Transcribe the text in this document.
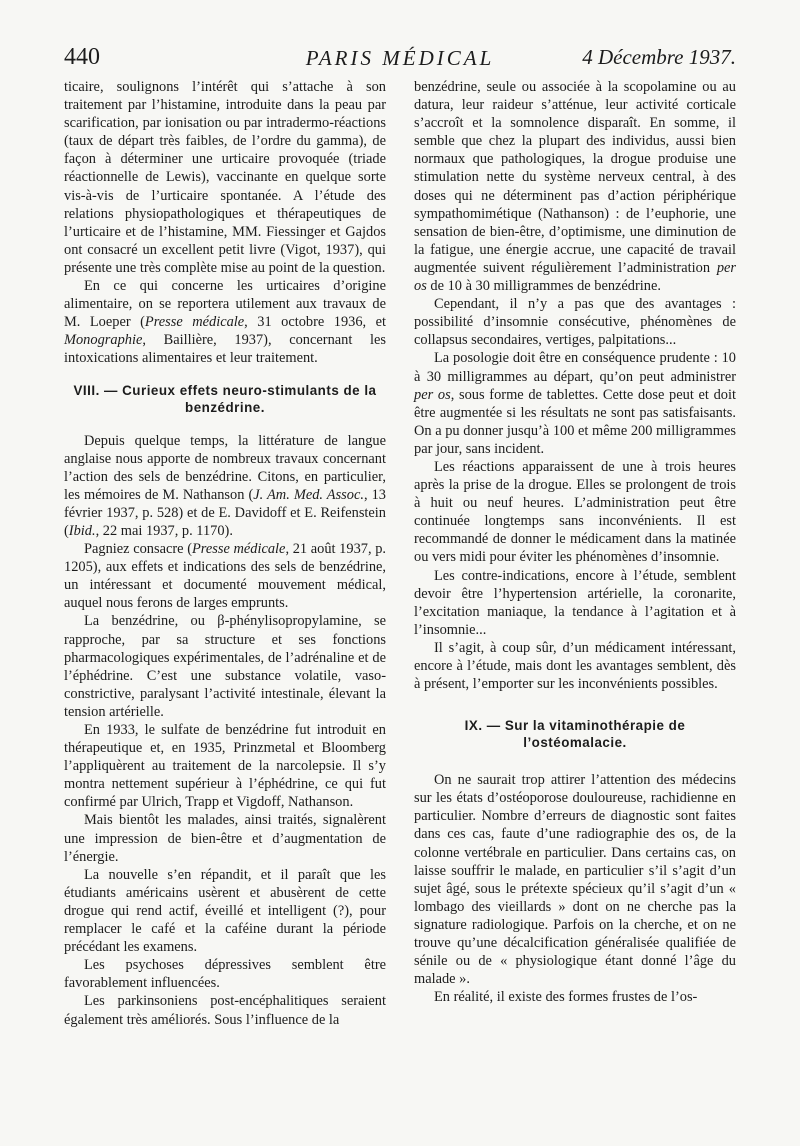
440	PARIS MÉDICAL	4 Décembre 1937.

ticaire, soulignons l’intérêt qui s’attache à son traitement par l’histamine, introduite dans la peau par scarification, par ionisation ou par intradermo-réactions (taux de départ très faibles, de l’ordre du gamma), de façon à déterminer une urticaire provoquée (triade réactionnelle de Lewis), vaccinante en quelque sorte vis-à-vis de l’urticaire spontanée. A l’étude des relations physiopathologiques et thérapeutiques de l’urticaire et de l’histamine, MM. Fiessinger et Gajdos ont consacré un excellent petit livre (Vigot, 1937), qui présente une très complète mise au point de la question.

En ce qui concerne les urticaires d’origine alimentaire, on se reportera utilement aux travaux de M. Loeper (Presse médicale, 31 octobre 1936, et Monographie, Baillière, 1937), concernant les intoxications alimentaires et leur traitement.

VIII. — Curieux effets neuro-stimulants de la benzédrine.

Depuis quelque temps, la littérature de langue anglaise nous apporte de nombreux travaux concernant l’action des sels de benzédrine. Citons, en particulier, les mémoires de M. Nathanson (J. Am. Med. Assoc., 13 février 1937, p. 528) et de E. Davidoff et E. Reifenstein (Ibid., 22 mai 1937, p. 1170).

Pagniez consacre (Presse médicale, 21 août 1937, p. 1205), aux effets et indications des sels de benzédrine, un intéressant et documenté mouvement médical, auquel nous ferons de larges emprunts.

La benzédrine, ou β-phénylisopropylamine, se rapproche, par sa structure et ses fonctions pharmacologiques expérimentales, de l’adrénaline et de l’éphédrine. C’est une substance volatile, vaso-constrictive, paralysant l’activité intestinale, élevant la tension artérielle.

En 1933, le sulfate de benzédrine fut introduit en thérapeutique et, en 1935, Prinzmetal et Bloomberg l’appliquèrent au traitement de la narcolepsie. Il s’y montra nettement supérieur à l’éphédrine, ce qui fut confirmé par Ulrich, Trapp et Vigdoff, Nathanson.

Mais bientôt les malades, ainsi traités, signalèrent une impression de bien-être et d’augmentation de l’énergie.

La nouvelle s’en répandit, et il paraît que les étudiants américains usèrent et abusèrent de cette drogue qui rend actif, éveillé et intelligent (?), pour remplacer le café et la caféine durant la période précédant les examens.

Les psychoses dépressives semblent être favorablement influencées.

Les parkinsoniens post-encéphalitiques seraient également très améliorés. Sous l’influence de la

benzédrine, seule ou associée à la scopolamine ou au datura, leur raideur s’atténue, leur activité corticale s’accroît et la somnolence disparaît. En somme, il semble que chez la plupart des individus, aussi bien normaux que pathologiques, la drogue produise une stimulation nette du système nerveux central, à des doses qui ne déterminent pas d’action périphérique sympathomimétique (Nathanson) : de l’euphorie, une sensation de bien-être, d’optimisme, une diminution de la fatigue, une énergie accrue, une capacité de travail augmentée suivent régulièrement l’administration per os de 10 à 30 milligrammes de benzédrine.

Cependant, il n’y a pas que des avantages : possibilité d’insomnie consécutive, phénomènes de collapsus secondaires, vertiges, palpitations...

La posologie doit être en conséquence prudente : 10 à 30 milligrammes au départ, qu’on peut administrer per os, sous forme de tablettes. Cette dose peut et doit être augmentée si les résultats ne sont pas satisfaisants. On a pu donner jusqu’à 100 et même 200 milligrammes par jour, sans incident.

Les réactions apparaissent de une à trois heures après la prise de la drogue. Elles se prolongent de trois à huit ou neuf heures. L’administration peut être continuée longtemps sans inconvénients. Il est recommandé de donner le médicament dans la matinée ou vers midi pour éviter les phénomènes d’insomnie.

Les contre-indications, encore à l’étude, semblent devoir être l’hypertension artérielle, la coronarite, l’excitation maniaque, la tendance à l’agitation et à l’insomnie...

Il s’agit, à coup sûr, d’un médicament intéressant, encore à l’étude, mais dont les avantages semblent, dès à présent, l’emporter sur les inconvénients possibles.

IX. — Sur la vitaminothérapie de l’ostéomalacie.

On ne saurait trop attirer l’attention des médecins sur les états d’ostéoporose douloureuse, rachidienne en particulier. Nombre d’erreurs de diagnostic sont faites dans ces cas, faute d’une radiographie des os, de la colonne vertébrale en particulier. Dans certains cas, on laisse souffrir le malade, en particulier s’il s’agit d’un sujet âgé, sous le prétexte spécieux qu’il s’agit d’un « lombago des vieillards » dont on ne cherche pas la signature radiologique. Parfois on la cherche, et on ne trouve qu’une décalcification généralisée qualifiée de sénile ou de « physiologique étant donné l’âge du malade ».

En réalité, il existe des formes frustes de l’os-
